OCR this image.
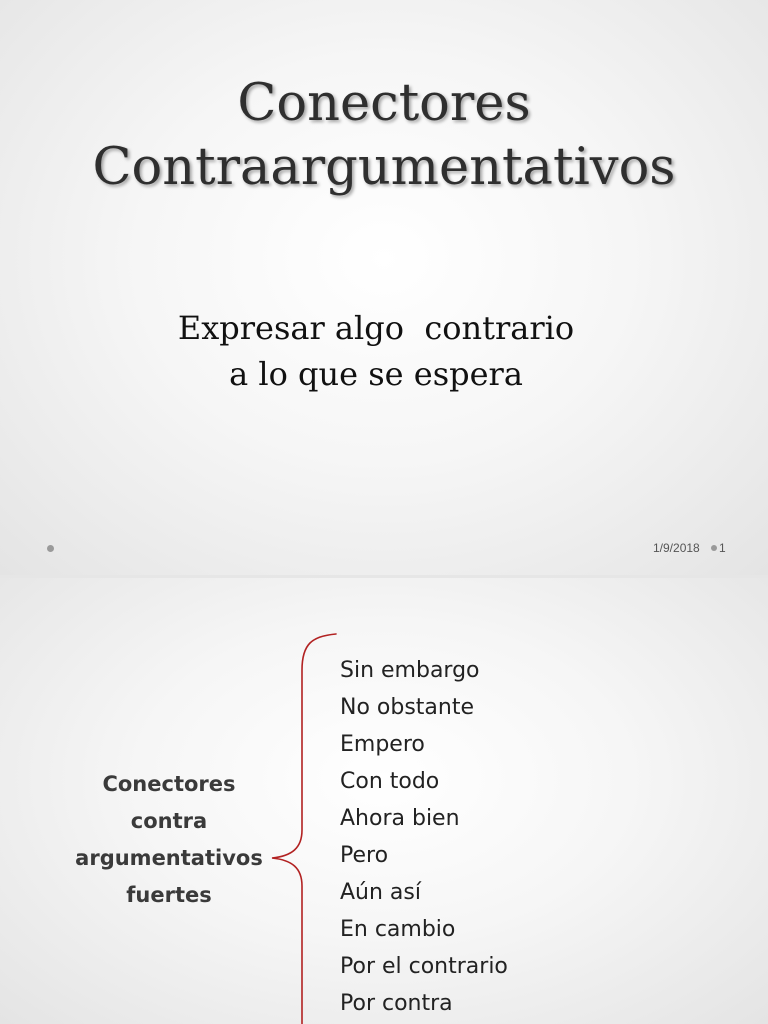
Conectores
Contraargumentativos
Expresar algo  contrario
a lo que se espera
1/9/2018 1
Conectores
contra
argumentativos
fuertes
Sin embargo
No obstante
Empero
Con todo
Ahora bien
Pero
Aún así
En cambio
Por el contrario
Por contra
